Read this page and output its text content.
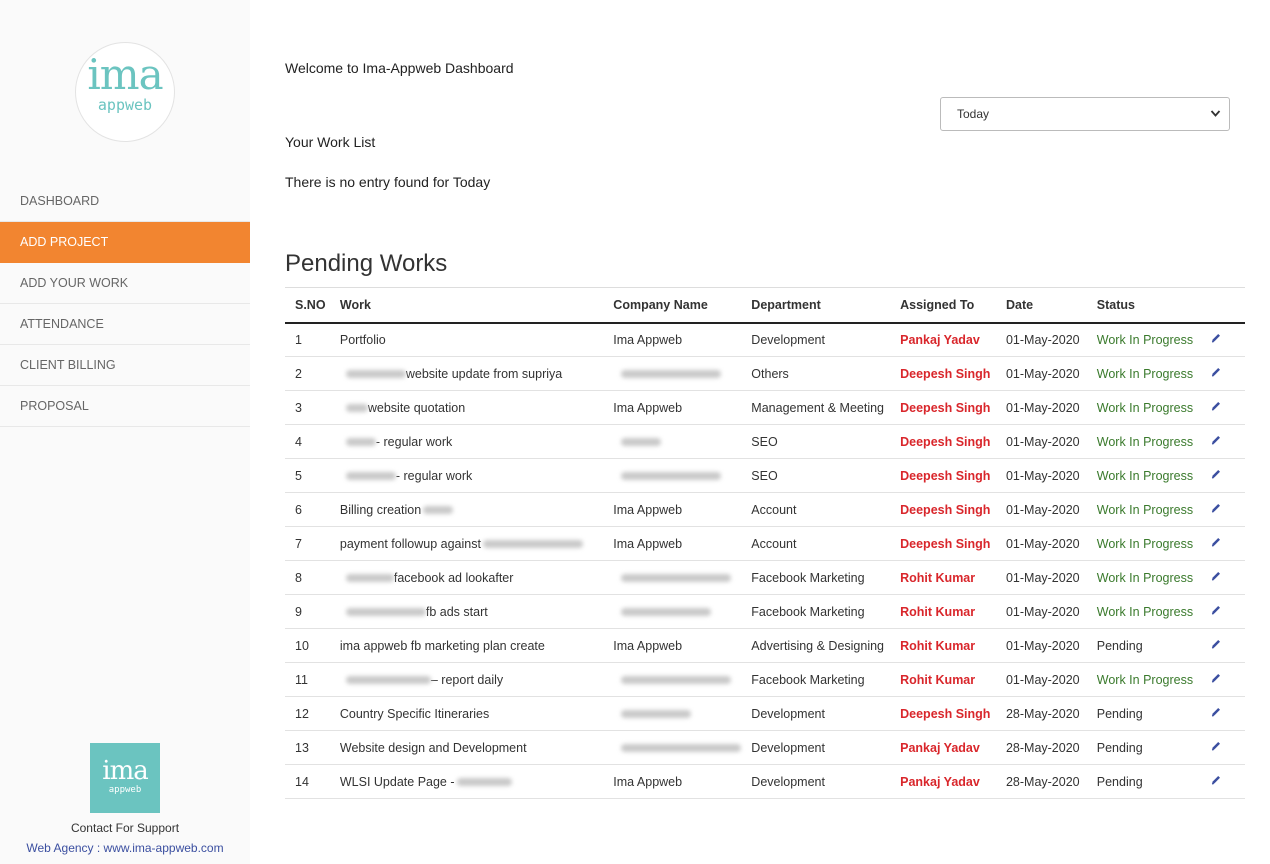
ima
appweb
DASHBOARD
ADD PROJECT
ADD YOUR WORK
ATTENDANCE
CLIENT BILLING
PROPOSAL
ima
appweb
Contact For Support
Web Agency : www.ima-appweb.com
Welcome to Ima-Appweb Dashboard
Today
Your Work List
There is no entry found for Today
Pending Works
S.NO	Work	Company Name	Department	Assigned To	Date	Status	
1	Portfolio	Ima Appweb	Development	Pankaj Yadav	01-May-2020	Work In Progress	
2	website update from supriya		Others	Deepesh Singh	01-May-2020	Work In Progress	
3	website quotation	Ima Appweb	Management & Meeting	Deepesh Singh	01-May-2020	Work In Progress	
4	- regular work		SEO	Deepesh Singh	01-May-2020	Work In Progress	
5	- regular work		SEO	Deepesh Singh	01-May-2020	Work In Progress	
6	Billing creation	Ima Appweb	Account	Deepesh Singh	01-May-2020	Work In Progress	
7	payment followup against	Ima Appweb	Account	Deepesh Singh	01-May-2020	Work In Progress	
8	facebook ad lookafter		Facebook Marketing	Rohit Kumar	01-May-2020	Work In Progress	
9	fb ads start		Facebook Marketing	Rohit Kumar	01-May-2020	Work In Progress	
10	ima appweb fb marketing plan create	Ima Appweb	Advertising & Designing	Rohit Kumar	01-May-2020	Pending	
11	– report daily		Facebook Marketing	Rohit Kumar	01-May-2020	Work In Progress	
12	Country Specific Itineraries		Development	Deepesh Singh	28-May-2020	Pending	
13	Website design and Development		Development	Pankaj Yadav	28-May-2020	Pending	
14	WLSI Update Page -	Ima Appweb	Development	Pankaj Yadav	28-May-2020	Pending	
